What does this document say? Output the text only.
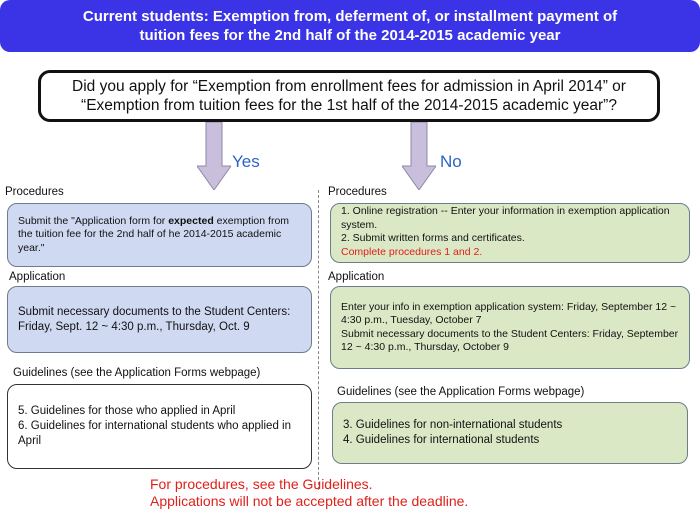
Current students: Exemption from, deferment of, or installment payment of
tuition fees for the 2nd half of the 2014-2015 academic year
Did you apply for “Exemption from enrollment fees for admission in April 2014” or
“Exemption from tuition fees for the 1st half of the 2014-2015 academic year”?
Yes	No
Procedures
Submit the "Application form for expected exemption from the tuition fee for the 2nd half of he 2014-2015 academic year."
Application
Submit necessary documents to the Student Centers:
Friday, Sept. 12 ~ 4:30 p.m., Thursday, Oct. 9
Guidelines (see the Application Forms webpage)
5. Guidelines for those who applied in April
6. Guidelines for international students who applied in April
Procedures
1. Online registration -- Enter your information in exemption application system.
2. Submit written forms and certificates.
Complete procedures 1 and 2.
Application
Enter your info in exemption application system: Friday, September 12 ~ 4:30 p.m., Tuesday, October 7
Submit necessary documents to the Student Centers: Friday, September 12 ~ 4:30 p.m., Thursday, October 9
Guidelines (see the Application Forms webpage)
3. Guidelines for non-international students
4. Guidelines for international students
For procedures, see the Guidelines.
Applications will not be accepted after the deadline.
